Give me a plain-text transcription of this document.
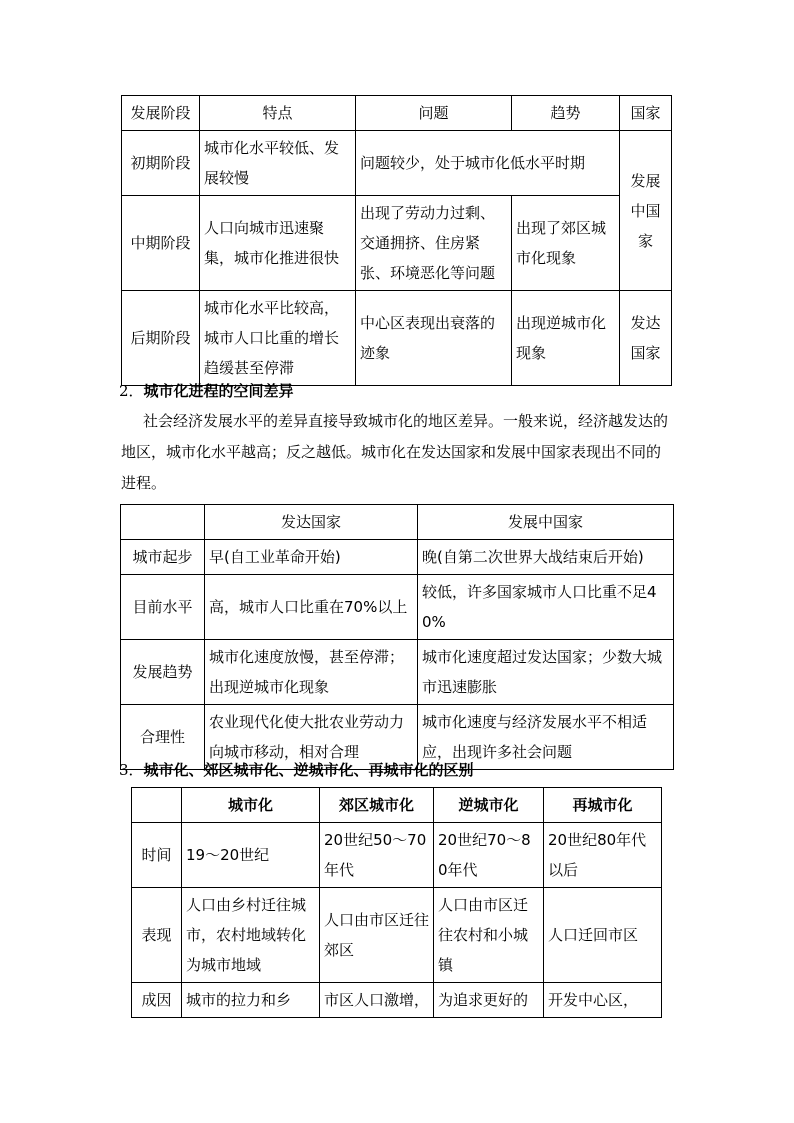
发展阶段	特点	问题	趋势	国家
初期阶段	城市化水平较低、发展较慢	问题较少，处于城市化低水平时期		发展中国家
中期阶段	人口向城市迅速聚集，城市化推进很快	出现了劳动力过剩、交通拥挤、住房紧张、环境恶化等问题	出现了郊区城市化现象	
后期阶段	城市化水平比较高，城市人口比重的增长趋缓甚至停滞	中心区表现出衰落的迹象	出现逆城市化现象	发达国家
2．城市化进程的空间差异
社会经济发展水平的差异直接导致城市化的地区差异。一般来说，经济越发达的地区，城市化水平越高；反之越低。城市化在发达国家和发展中国家表现出不同的进程。
	发达国家	发展中国家
城市起步	早(自工业革命开始)	晚(自第二次世界大战结束后开始)
目前水平	高，城市人口比重在70%以上	较低，许多国家城市人口比重不足40%
发展趋势	城市化速度放慢，甚至停滞；出现逆城市化现象	城市化速度超过发达国家；少数大城市迅速膨胀
合理性	农业现代化使大批农业劳动力向城市移动，相对合理	城市化速度与经济发展水平不相适应，出现许多社会问题
3．城市化、郊区城市化、逆城市化、再城市化的区别
	城市化	郊区城市化	逆城市化	再城市化
时间	19～20世纪	20世纪50～70年代	20世纪70～80年代	20世纪80年代以后
表现	人口由乡村迁往城市，农村地域转化为城市地域	人口由市区迁往郊区	人口由市区迁往农村和小城镇	人口迁回市区
成因	城市的拉力和乡	市区人口激增，	为追求更好的	开发中心区，
